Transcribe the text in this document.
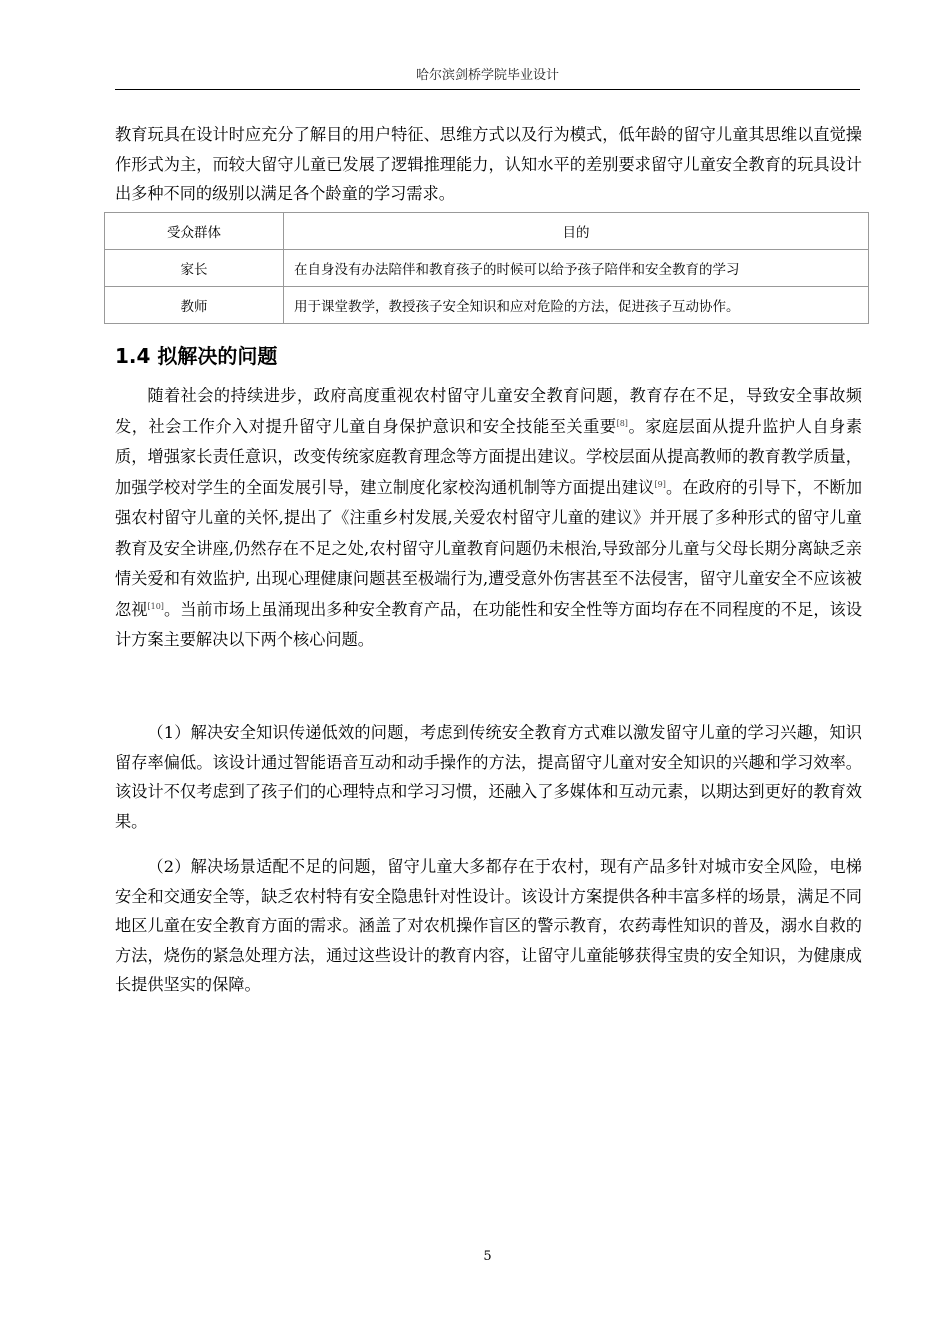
哈尔滨剑桥学院毕业设计

教育玩具在设计时应充分了解目的用户特征、思维方式以及行为模式，低年龄的留守儿童其思维以直觉操作形式为主，而较大留守儿童已发展了逻辑推理能力，认知水平的差别要求留守儿童安全教育的玩具设计出多种不同的级别以满足各个龄童的学习需求。

受众群体	目的
家长	在自身没有办法陪伴和教育孩子的时候可以给予孩子陪伴和安全教育的学习
教师	用于课堂教学，教授孩子安全知识和应对危险的方法，促进孩子互动协作。
1.4 拟解决的问题

随着社会的持续进步，政府高度重视农村留守儿童安全教育问题，教育存在不足，导致安全事故频发，社会工作介入对提升留守儿童自身保护意识和安全技能至关重要[8]。家庭层面从提升监护人自身素质，增强家长责任意识，改变传统家庭教育理念等方面提出建议。学校层面从提高教师的教育教学质量，加强学校对学生的全面发展引导，建立制度化家校沟通机制等方面提出建议[9]。在政府的引导下，不断加强农村留守儿童的关怀,提出了《注重乡村发展,关爱农村留守儿童的建议》并开展了多种形式的留守儿童教育及安全讲座,仍然存在不足之处,农村留守儿童教育问题仍未根治,导致部分儿童与父母长期分离缺乏亲情关爱和有效监护, 出现心理健康问题甚至极端行为,遭受意外伤害甚至不法侵害，留守儿童安全不应该被忽视[10]。当前市场上虽涌现出多种安全教育产品，在功能性和安全性等方面均存在不同程度的不足，该设计方案主要解决以下两个核心问题。

（1）解决安全知识传递低效的问题，考虑到传统安全教育方式难以激发留守儿童的学习兴趣，知识留存率偏低。该设计通过智能语音互动和动手操作的方法，提高留守儿童对安全知识的兴趣和学习效率。该设计不仅考虑到了孩子们的心理特点和学习习惯，还融入了多媒体和互动元素，以期达到更好的教育效果。

（2）解决场景适配不足的问题，留守儿童大多都存在于农村，现有产品多针对城市安全风险，电梯安全和交通安全等，缺乏农村特有安全隐患针对性设计。该设计方案提供各种丰富多样的场景，满足不同地区儿童在安全教育方面的需求。涵盖了对农机操作盲区的警示教育，农药毒性知识的普及，溺水自救的方法，烧伤的紧急处理方法，通过这些设计的教育内容，让留守儿童能够获得宝贵的安全知识，为健康成长提供坚实的保障。

5
